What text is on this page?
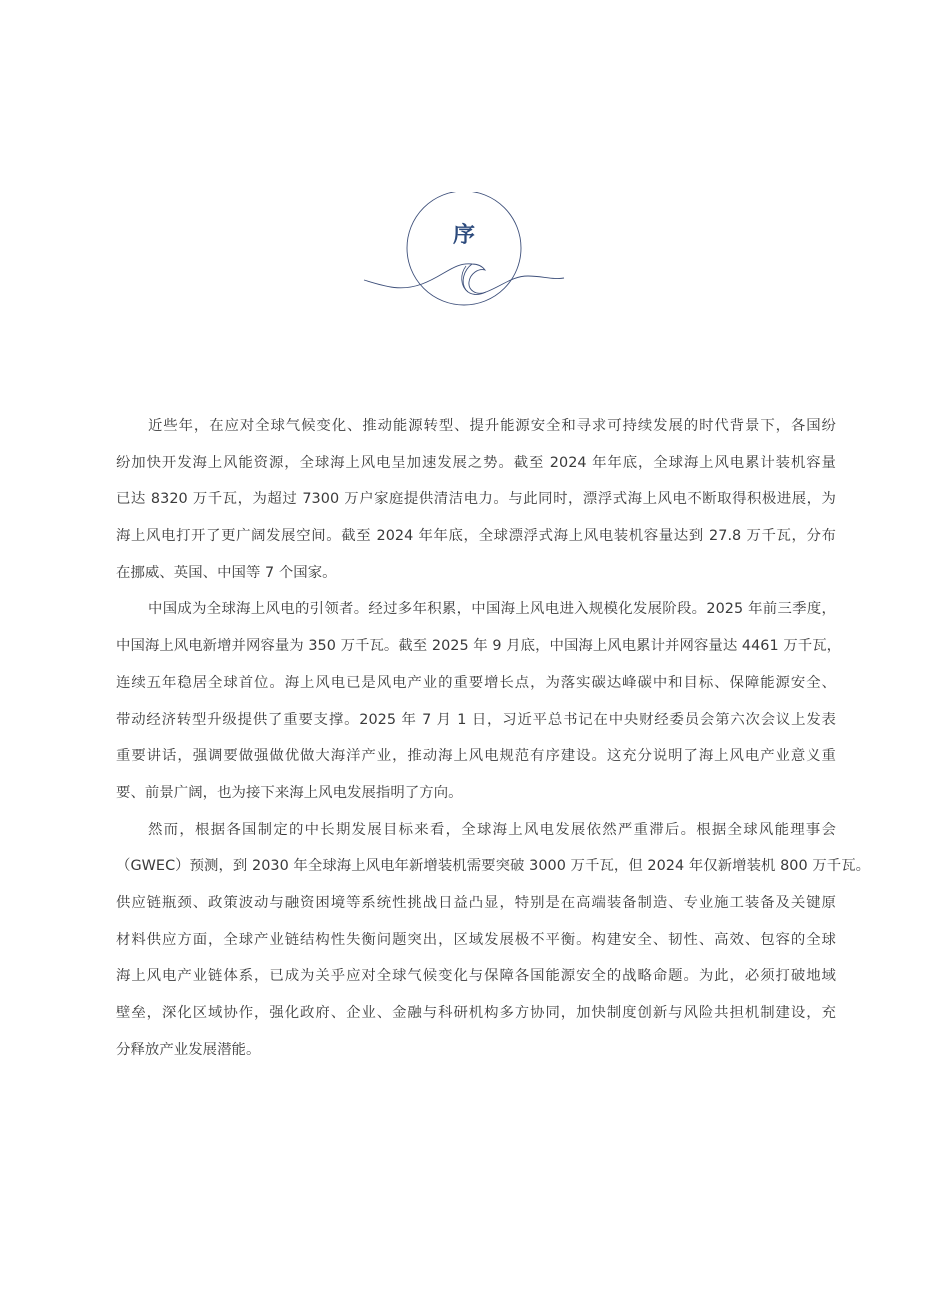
序
近些年，在应对全球气候变化、推动能源转型、提升能源安全和寻求可持续发展的时代背景下，各国纷
纷加快开发海上风能资源，全球海上风电呈加速发展之势。截至 2024 年年底，全球海上风电累计装机容量
已达 8320 万千瓦，为超过 7300 万户家庭提供清洁电力。与此同时，漂浮式海上风电不断取得积极进展，为
海上风电打开了更广阔发展空间。截至 2024 年年底，全球漂浮式海上风电装机容量达到 27.8 万千瓦，分布
在挪威、英国、中国等 7 个国家。
中国成为全球海上风电的引领者。经过多年积累，中国海上风电进入规模化发展阶段。2025 年前三季度，
中国海上风电新增并网容量为 350 万千瓦。截至 2025 年 9 月底，中国海上风电累计并网容量达 4461 万千瓦，
连续五年稳居全球首位。海上风电已是风电产业的重要增长点，为落实碳达峰碳中和目标、保障能源安全、
带动经济转型升级提供了重要支撑。2025 年 7 月 1 日，习近平总书记在中央财经委员会第六次会议上发表
重要讲话，强调要做强做优做大海洋产业，推动海上风电规范有序建设。这充分说明了海上风电产业意义重
要、前景广阔，也为接下来海上风电发展指明了方向。
然而，根据各国制定的中长期发展目标来看，全球海上风电发展依然严重滞后。根据全球风能理事会
（GWEC）预测，到 2030 年全球海上风电年新增装机需要突破 3000 万千瓦，但 2024 年仅新增装机 800 万千瓦。
供应链瓶颈、政策波动与融资困境等系统性挑战日益凸显，特别是在高端装备制造、专业施工装备及关键原
材料供应方面，全球产业链结构性失衡问题突出，区域发展极不平衡。构建安全、韧性、高效、包容的全球
海上风电产业链体系，已成为关乎应对全球气候变化与保障各国能源安全的战略命题。为此，必须打破地域
壁垒，深化区域协作，强化政府、企业、金融与科研机构多方协同，加快制度创新与风险共担机制建设，充
分释放产业发展潜能。
